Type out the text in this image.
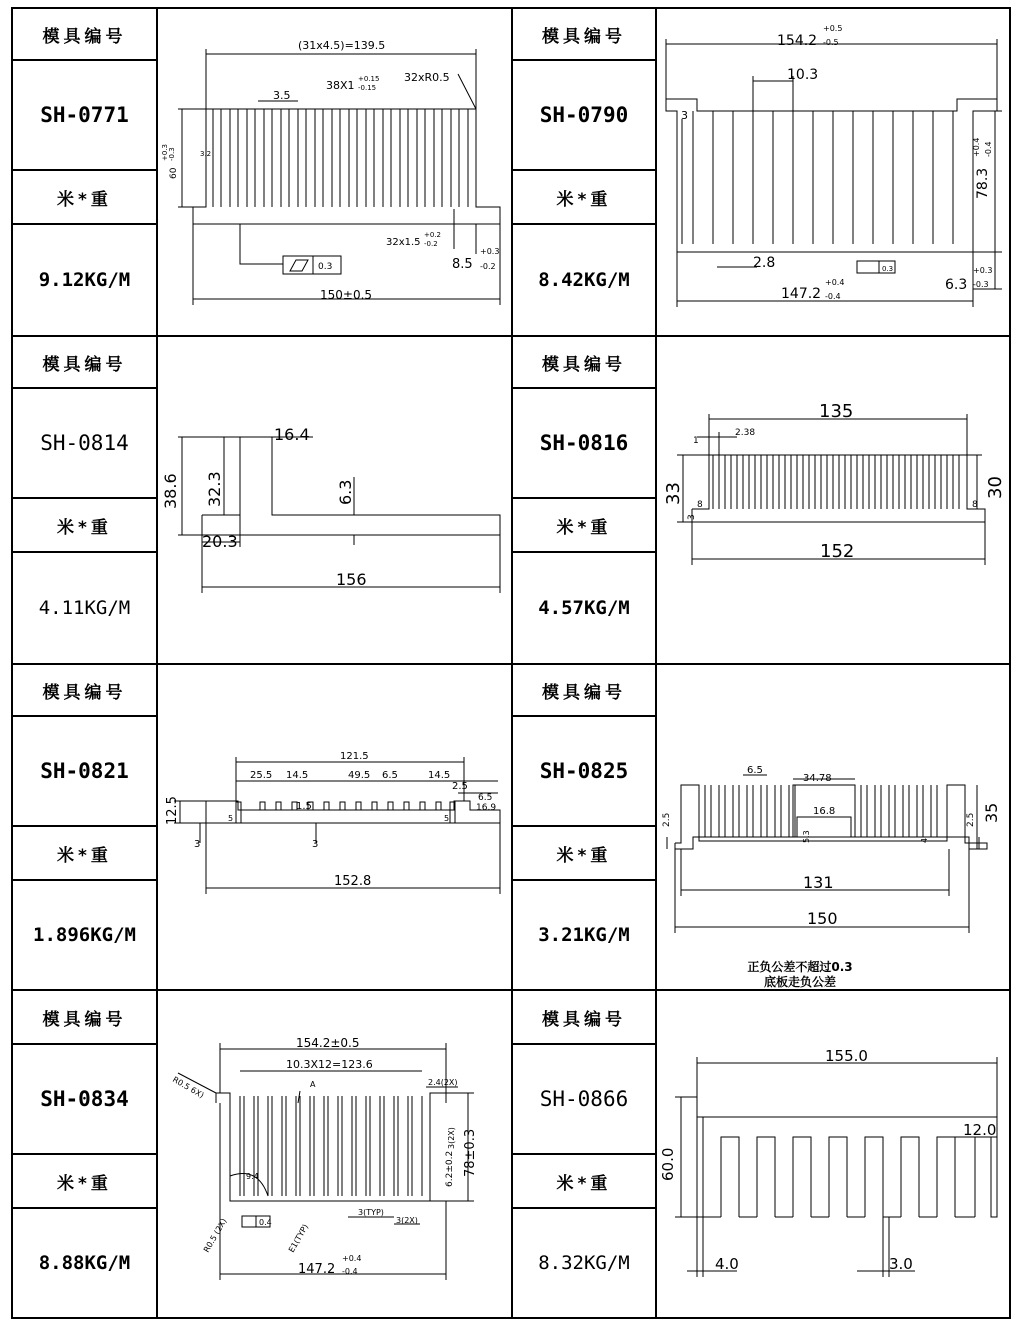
模具编号
SH-0771
米*重
9.12KG/M
(31x4.5)=139.5
3.5
38X1 +0.15
-0.15
32xR0.5
60
+0.3 -0.3	3.2
32x1.5
+0.2
-0.2
8.5
+0.3
-0.2
0.3
150±0.5
模具编号
SH-0790
米*重
8.42KG/M
154.2
+0.5
-0.5
10.3
3
78.3
+0.4 -0.4
2.8	0.3
6.3
+0.3
-0.3
147.2
+0.4
-0.4
模具编号
SH-0814
米*重
4.11KG/M
16.4
38.6 32.3	6.3
20.3
156
模具编号
SH-0816
米*重
4.57KG/M
135
1
2.38
33	30
8
3
8
152
模具编号
SH-0821
米*重
1.896KG/M
121.5
25.5 14.5	49.5 6.5	14.5
2.5
6.5
16.9
1.5
12.5
3	3
5	5
152.8
模具编号
SH-0825
米*重
3.21KG/M
6.5
34.78
16.8
2.5	2.5 35
5.3	4
131
150
正负公差不超过0.3
底板走负公差
模具编号
SH-0834
米*重
8.88KG/M
154.2±0.5
10.3X12=123.6
R0.5 6X)	2.4(2X)
A
3(2X)
6.2±0.2 78±0.3
9.4
0.4
R0.5 (2X)	E1(TYP)
3(TYP)
3(2X)
147.2
+0.4
-0.4
模具编号
SH-0866
米*重
8.32KG/M
155.0
12.0
60.0
4.0	3.0
